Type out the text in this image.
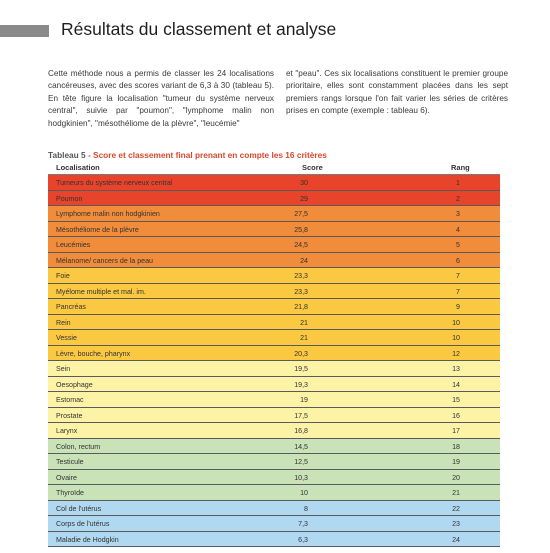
Résultats du classement et analyse
Cette méthode nous a permis de classer les 24 localisations cancéreuses, avec des scores variant de 6,3 à 30 (tableau 5). En tête figure la localisation "tumeur du système nerveux central", suivie par "poumon", "lymphome malin non hodgkinien", "mésothéliome de la plèvre", "leucémie"
et "peau". Ces six localisations constituent le premier groupe prioritaire, elles sont constamment placées dans les sept premiers rangs lorsque l'on fait varier les séries de critères prises en compte (exemple : tableau 6).
Tableau 5 - Score et classement final prenant en compte les 16 critères
Localisation	Score	Rang
Tumeurs du système nerveux central	30	1
Poumon	29	2
Lymphome malin non hodgkinien	27,5	3
Mésothéliome de la plèvre	25,8	4
Leucémies	24,5	5
Mélanome/ cancers de la peau	24	6
Foie	23,3	7
Myélome multiple et mal. im.	23,3	7
Pancréas	21,8	9
Rein	21	10
Vessie	21	10
Lèvre, bouche, pharynx	20,3	12
Sein	19,5	13
Oesophage	19,3	14
Estomac	19	15
Prostate	17,5	16
Larynx	16,8	17
Colon, rectum	14,5	18
Testicule	12,5	19
Ovaire	10,3	20
Thyroïde	10	21
Col de l'utérus	8	22
Corps de l'utérus	7,3	23
Maladie de Hodgkin	6,3	24
